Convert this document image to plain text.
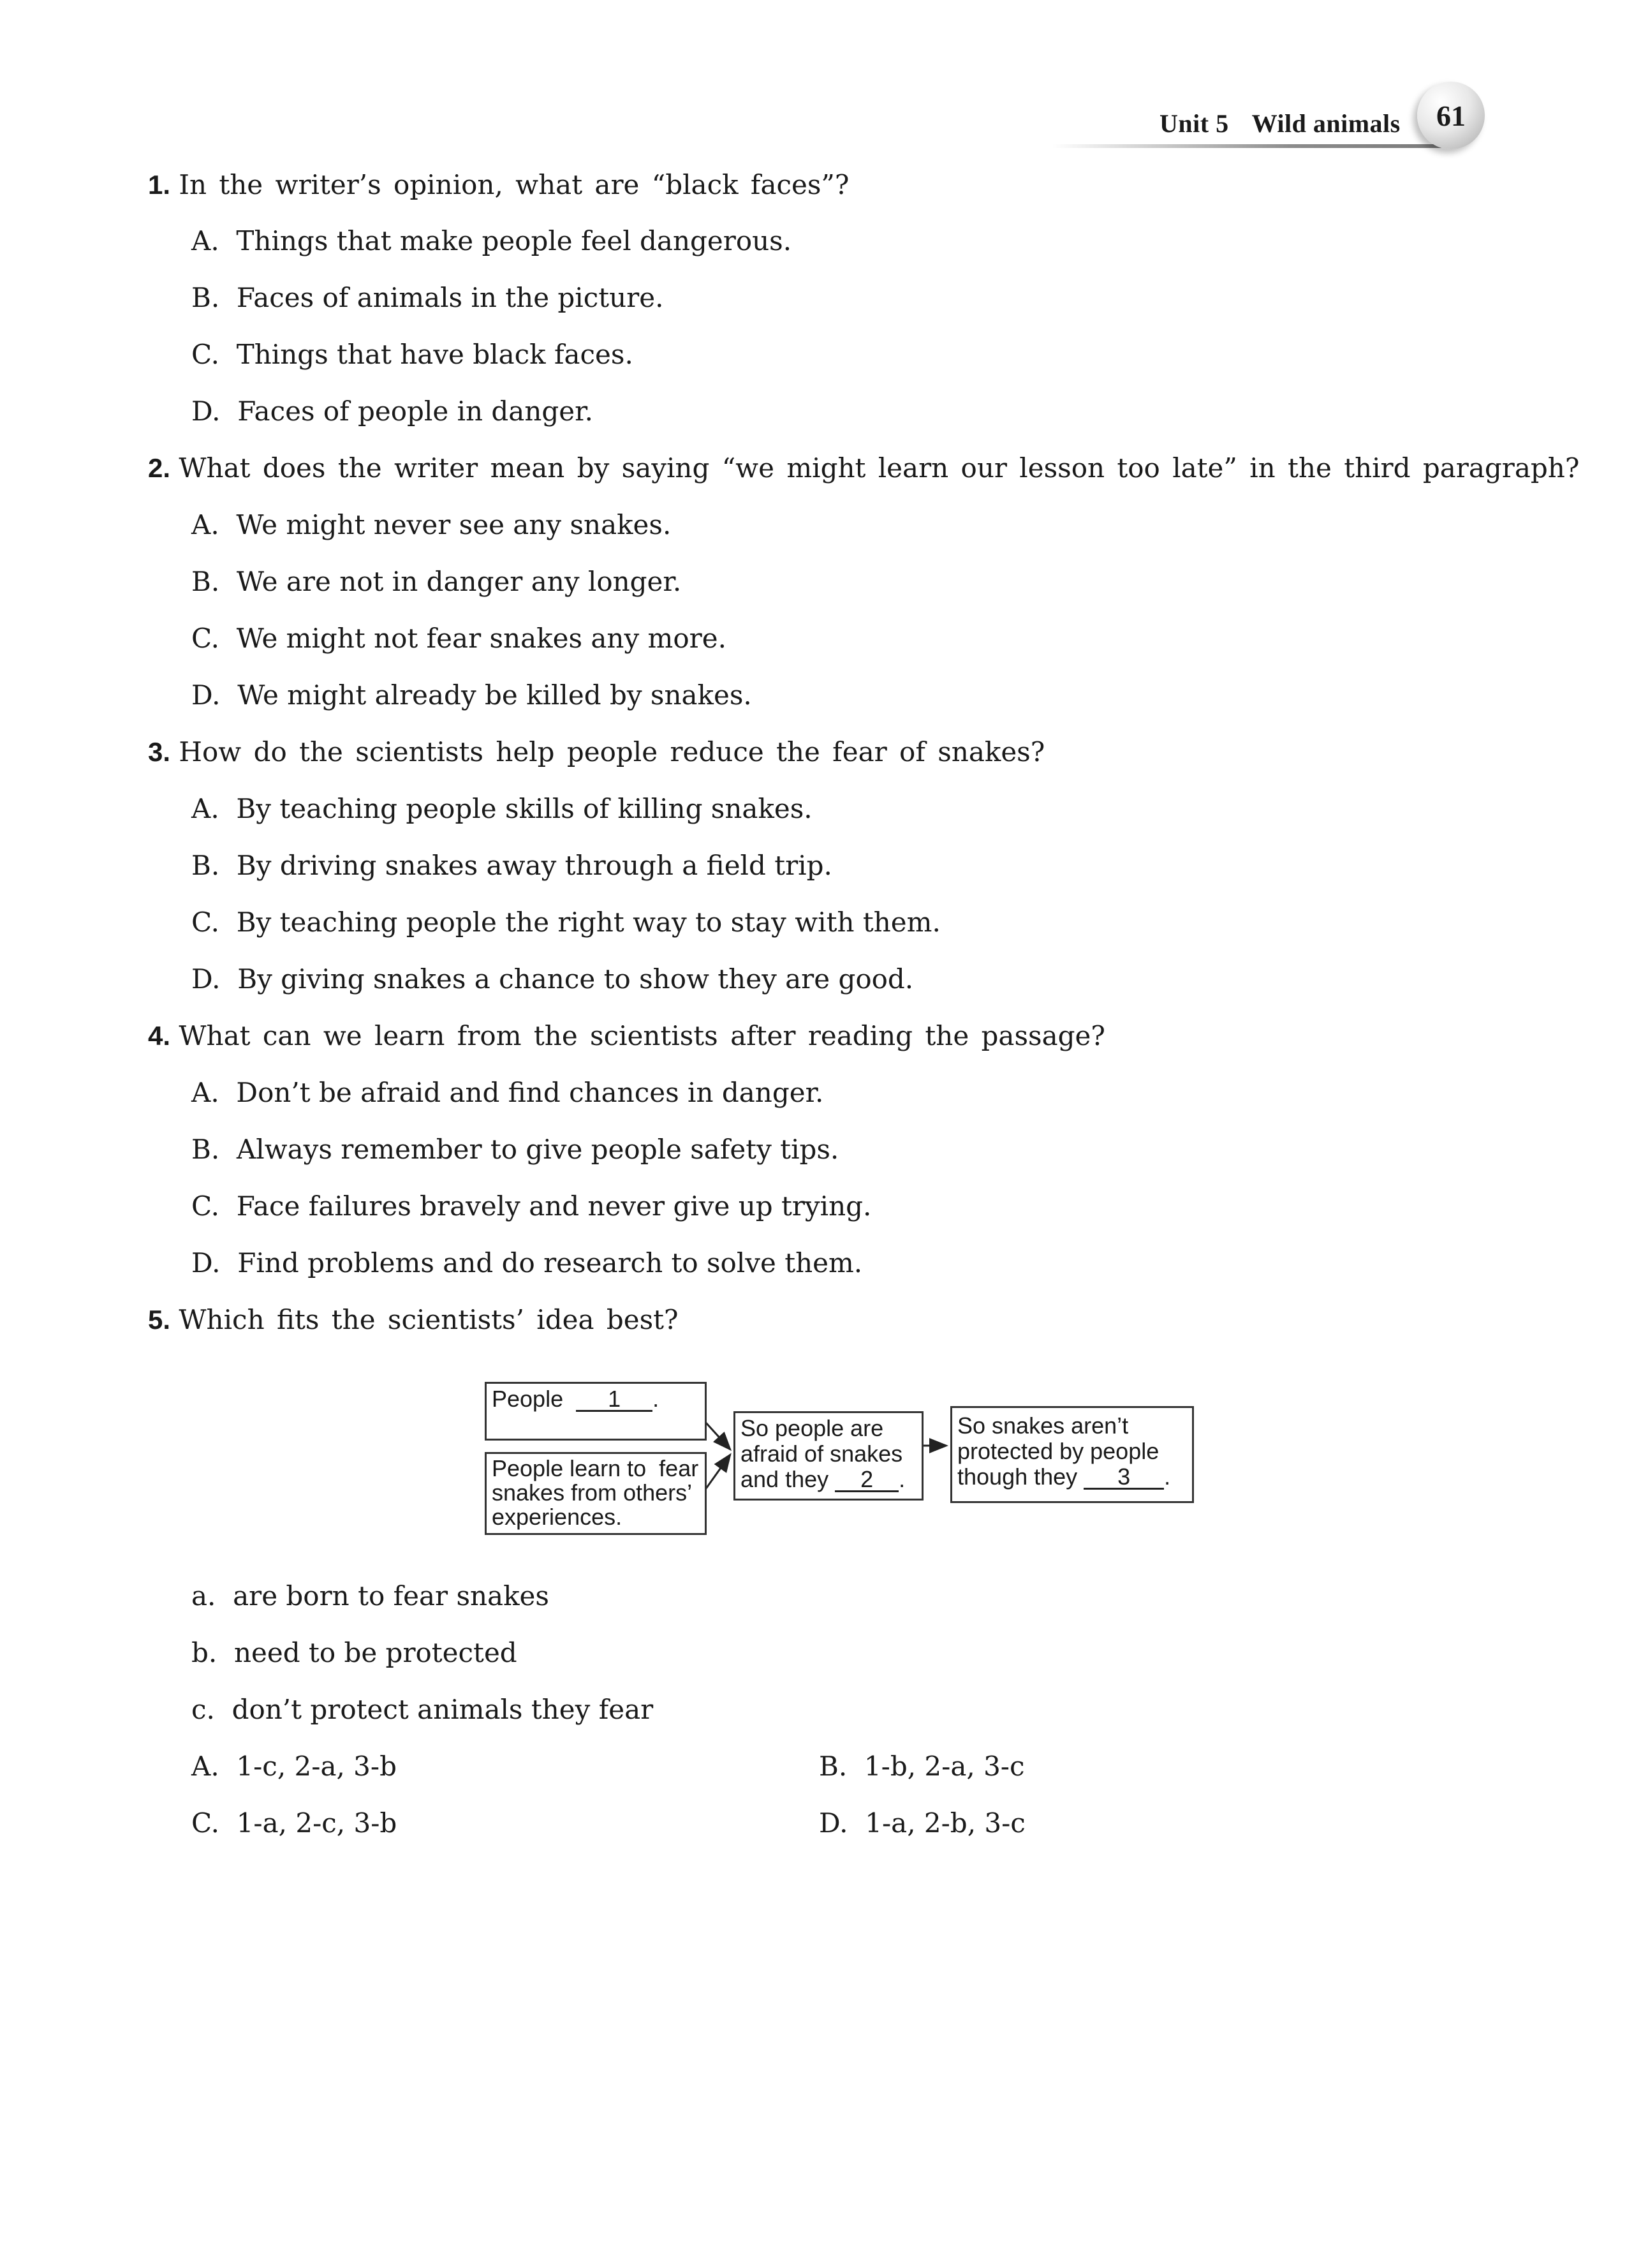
Unit 5 Wild animals 61
1. In the writer’s opinion, what are “black faces”?
A. Things that make people feel dangerous.
B. Faces of animals in the picture.
C. Things that have black faces.
D. Faces of people in danger.
2. What does the writer mean by saying “we might learn our lesson too late” in the third paragraph?
A. We might never see any snakes.
B. We are not in danger any longer.
C. We might not fear snakes any more.
D. We might already be killed by snakes.
3. How do the scientists help people reduce the fear of snakes?
A. By teaching people skills of killing snakes.
B. By driving snakes away through a field trip.
C. By teaching people the right way to stay with them.
D. By giving snakes a chance to show they are good.
4. What can we learn from the scientists after reading the passage?
A. Don’t be afraid and find chances in danger.
B. Always remember to give people safety tips.
C. Face failures bravely and never give up trying.
D. Find problems and do research to solve them.
5. Which fits the scientists’ idea best?
People 1 .
People learn to  fear
snakes from others’
experiences.
So people are
afraid of snakes
and they 2 .
So snakes aren’t
protected by people
though they 3 .
a. are born to fear snakes
b. need to be protected
c. don’t protect animals they fear
A. 1-c, 2-a, 3-b	B. 1-b, 2-a, 3-c
C. 1-a, 2-c, 3-b	D. 1-a, 2-b, 3-c
